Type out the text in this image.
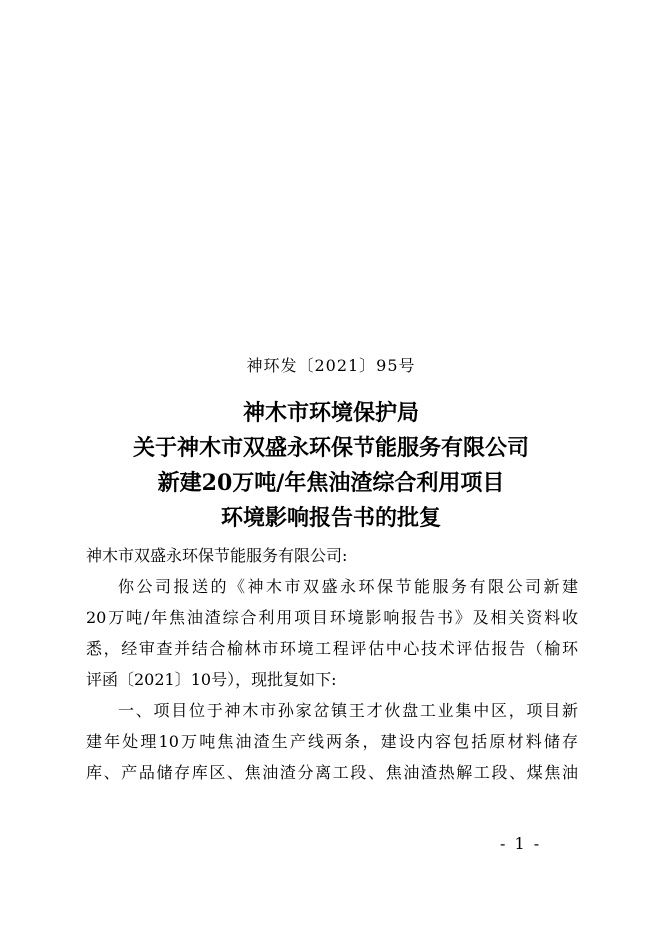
神环发〔2021〕95号
神木市环境保护局
关于神木市双盛永环保节能服务有限公司
新建20万吨/年焦油渣综合利用项目
环境影响报告书的批复
神木市双盛永环保节能服务有限公司:
你公司报送的《神木市双盛永环保节能服务有限公司新建
20万吨/年焦油渣综合利用项目环境影响报告书》及相关资料收
悉，经审查并结合榆林市环境工程评估中心技术评估报告（榆环
评函〔2021〕10号），现批复如下:
一、项目位于神木市孙家岔镇王才伙盘工业集中区，项目新
建年处理10万吨焦油渣生产线两条，建设内容包括原材料储存
库、产品储存库区、焦油渣分离工段、焦油渣热解工段、煤焦油
- 1 -
